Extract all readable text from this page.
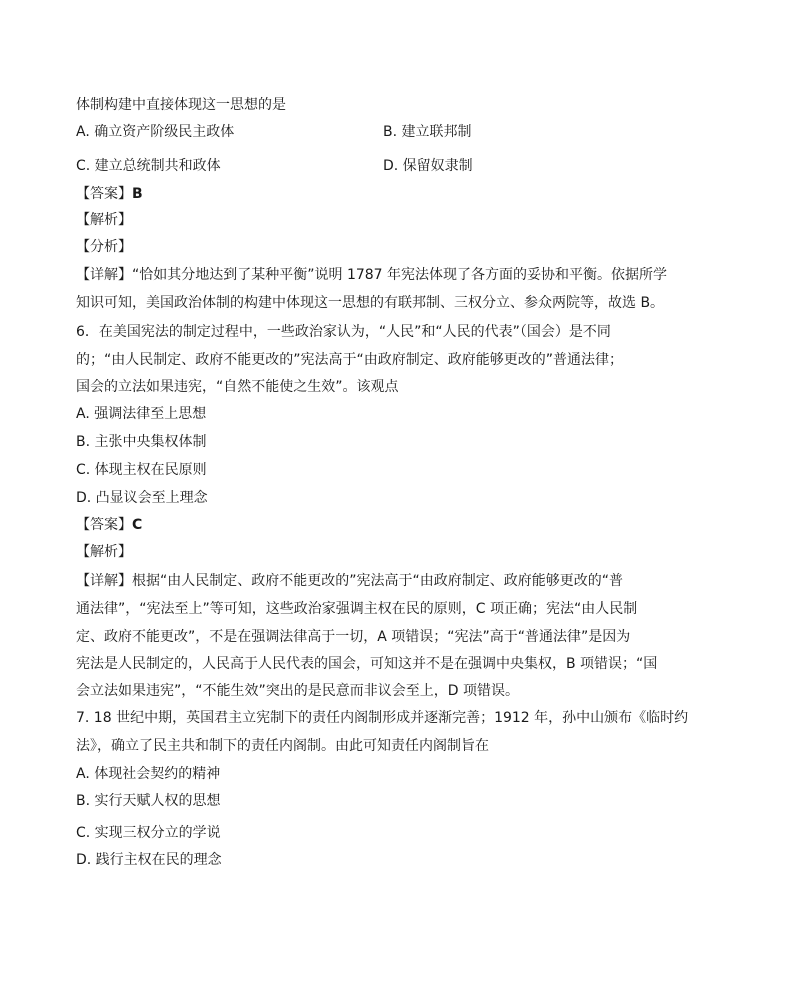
体制构建中直接体现这一思想的是
A. 确立资产阶级民主政体	B. 建立联邦制
C. 建立总统制共和政体	D. 保留奴隶制
【答案】B
【解析】
【分析】
【详解】“恰如其分地达到了某种平衡”说明 1787 年宪法体现了各方面的妥协和平衡。依据所学
知识可知，美国政治体制的构建中体现这一思想的有联邦制、三权分立、参众两院等，故选 B。
6．在美国宪法的制定过程中，一些政治家认为，“人民”和“人民的代表”（国会）是不同
的；“由人民制定、政府不能更改的”宪法高于“由政府制定、政府能够更改的”普通法律；
国会的立法如果违宪，“自然不能使之生效”。该观点
A. 强调法律至上思想
B. 主张中央集权体制
C. 体现主权在民原则
D. 凸显议会至上理念
【答案】C
【解析】
【详解】根据“由人民制定、政府不能更改的”宪法高于“由政府制定、政府能够更改的“普
通法律”，“宪法至上”等可知，这些政治家强调主权在民的原则，C 项正确；宪法“由人民制
定、政府不能更改”，不是在强调法律高于一切，A 项错误；“宪法”高于“普通法律”是因为
宪法是人民制定的，人民高于人民代表的国会，可知这并不是在强调中央集权，B 项错误；“国
会立法如果违宪”，“不能生效”突出的是民意而非议会至上，D 项错误。
7. 18 世纪中期，英国君主立宪制下的责任内阁制形成并逐渐完善；1912 年，孙中山颁布《临时约
法》，确立了民主共和制下的责任内阁制。由此可知责任内阁制旨在
A. 体现社会契约的精神
B. 实行天赋人权的思想
C. 实现三权分立的学说
D. 践行主权在民的理念
